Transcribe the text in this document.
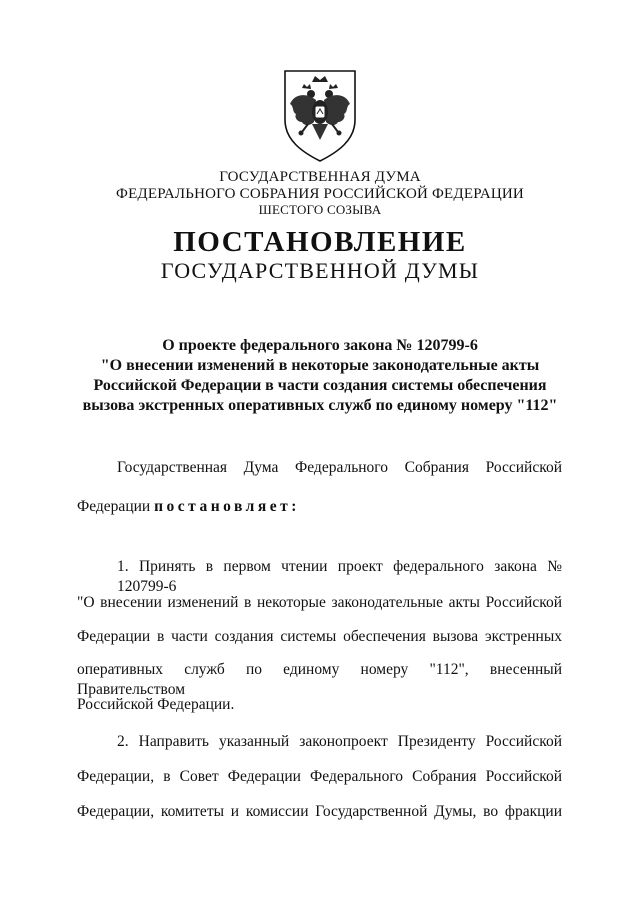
ГОСУДАРСТВЕННАЯ ДУМА
ФЕДЕРАЛЬНОГО СОБРАНИЯ РОССИЙСКОЙ ФЕДЕРАЦИИ
ШЕСТОГО СОЗЫВА
ПОСТАНОВЛЕНИЕ
ГОСУДАРСТВЕННОЙ ДУМЫ
О проекте федерального закона № 120799-6
"О внесении изменений в некоторые законодательные акты
Российской Федерации в части создания системы обеспечения
вызова экстренных оперативных служб по единому номеру "112"
Государственная Дума Федерального Собрания Российской
Федерации постановляет:
1. Принять в первом чтении проект федерального закона № 120799-6
"О внесении изменений в некоторые законодательные акты Российской
Федерации в части создания системы обеспечения вызова экстренных
оперативных служб по единому номеру "112", внесенный Правительством
Российской Федерации.
2. Направить указанный законопроект Президенту Российской
Федерации, в Совет Федерации Федерального Собрания Российской
Федерации, комитеты и комиссии Государственной Думы, во фракции
